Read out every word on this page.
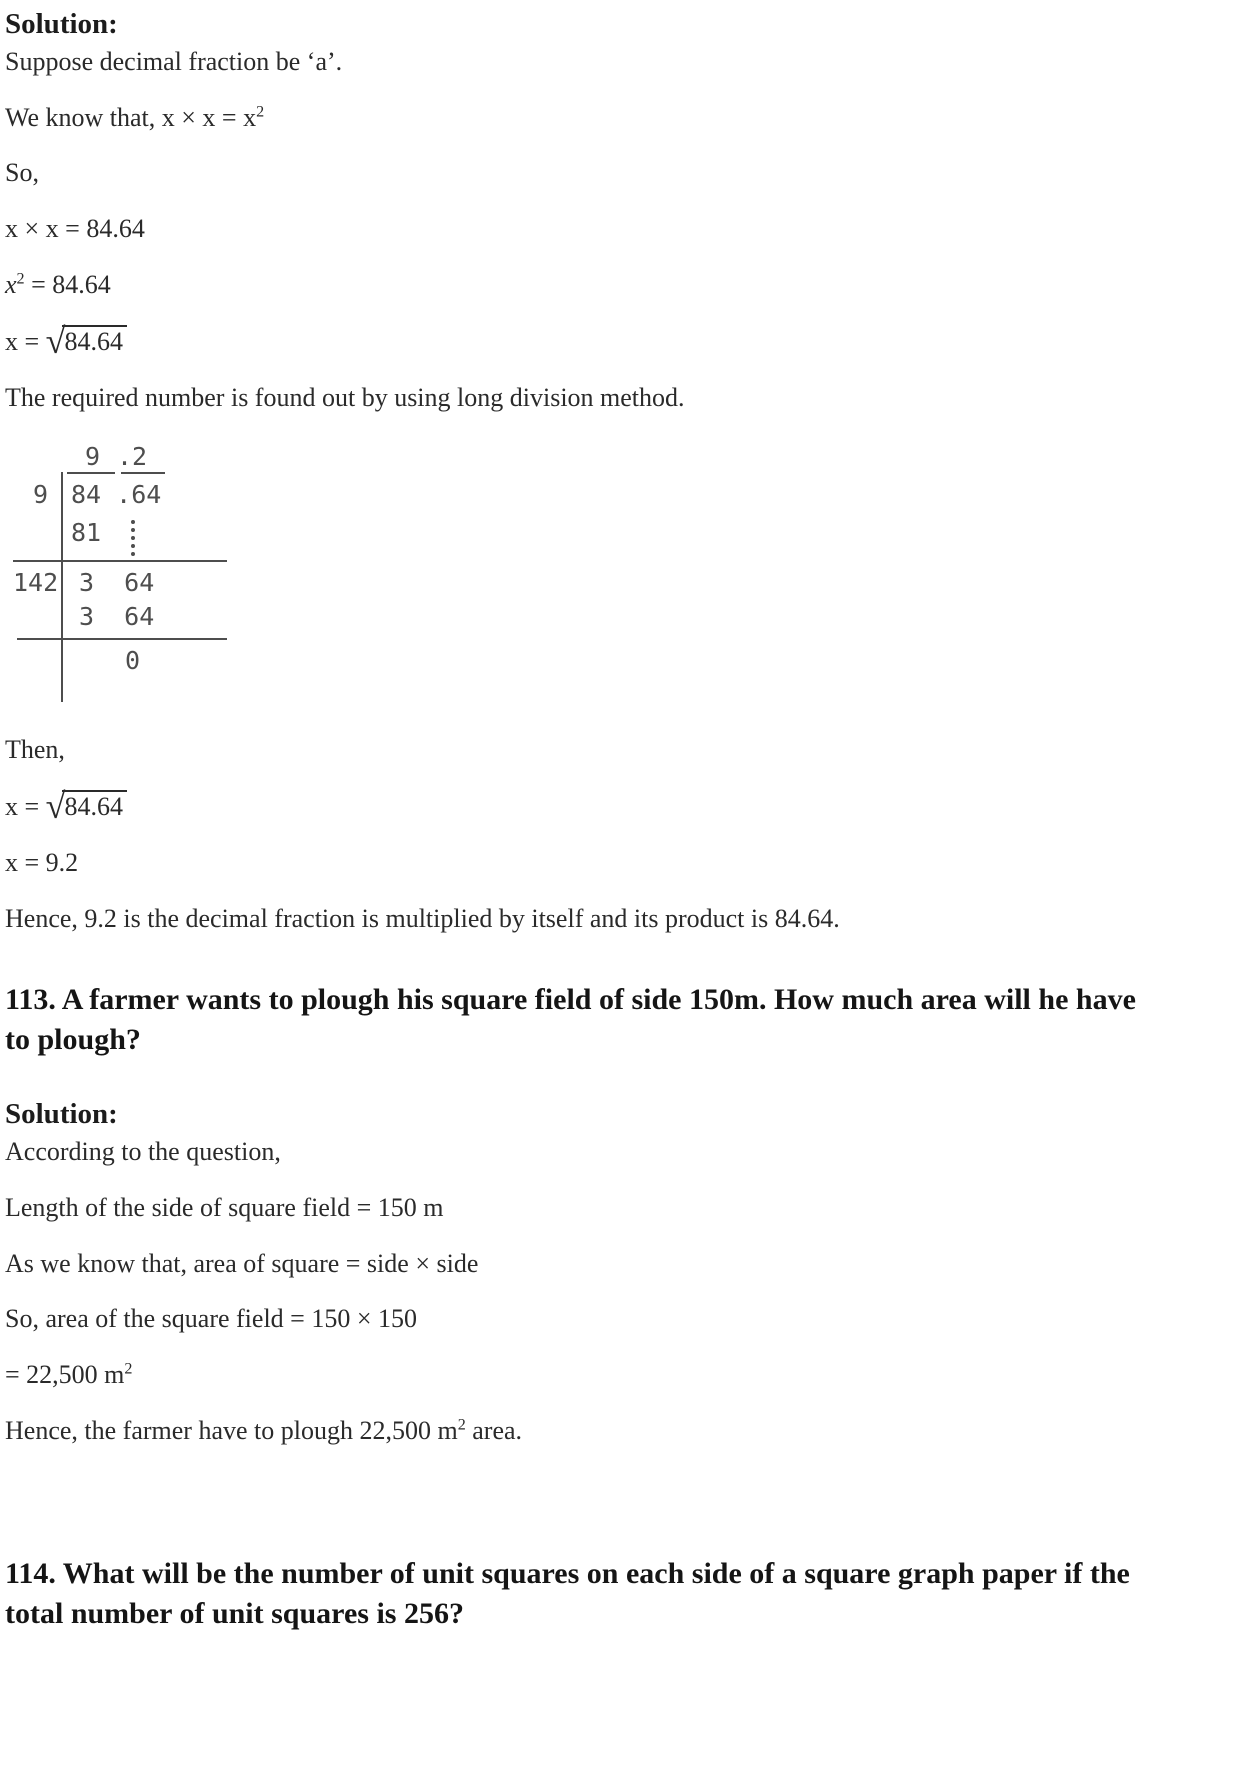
Solution:

Suppose decimal fraction be ‘a’.

We know that, $x \times x = x^2$

So,

x × x = 84.64

$x^2 = 84.64$

x = √84.64

The required number is found out by using long division method.

9 .2
9 84 .64
81
142 3  64
3  64
0

Then,

x = √84.64

x = 9.2

Hence, 9.2 is the decimal fraction is multiplied by itself and its product is 84.64.

113. A farmer wants to plough his square field of side 150m. How much area will he have to plough?
Solution:

According to the question,

Length of the side of square field = 150 m

As we know that, area of square = side × side

So, area of the square field = 150 × 150

= 22,500 $m^2$

Hence, the farmer have to plough 22,500 $m^2$ area.

114. What will be the number of unit squares on each side of a square graph paper if the total number of unit squares is 256?
